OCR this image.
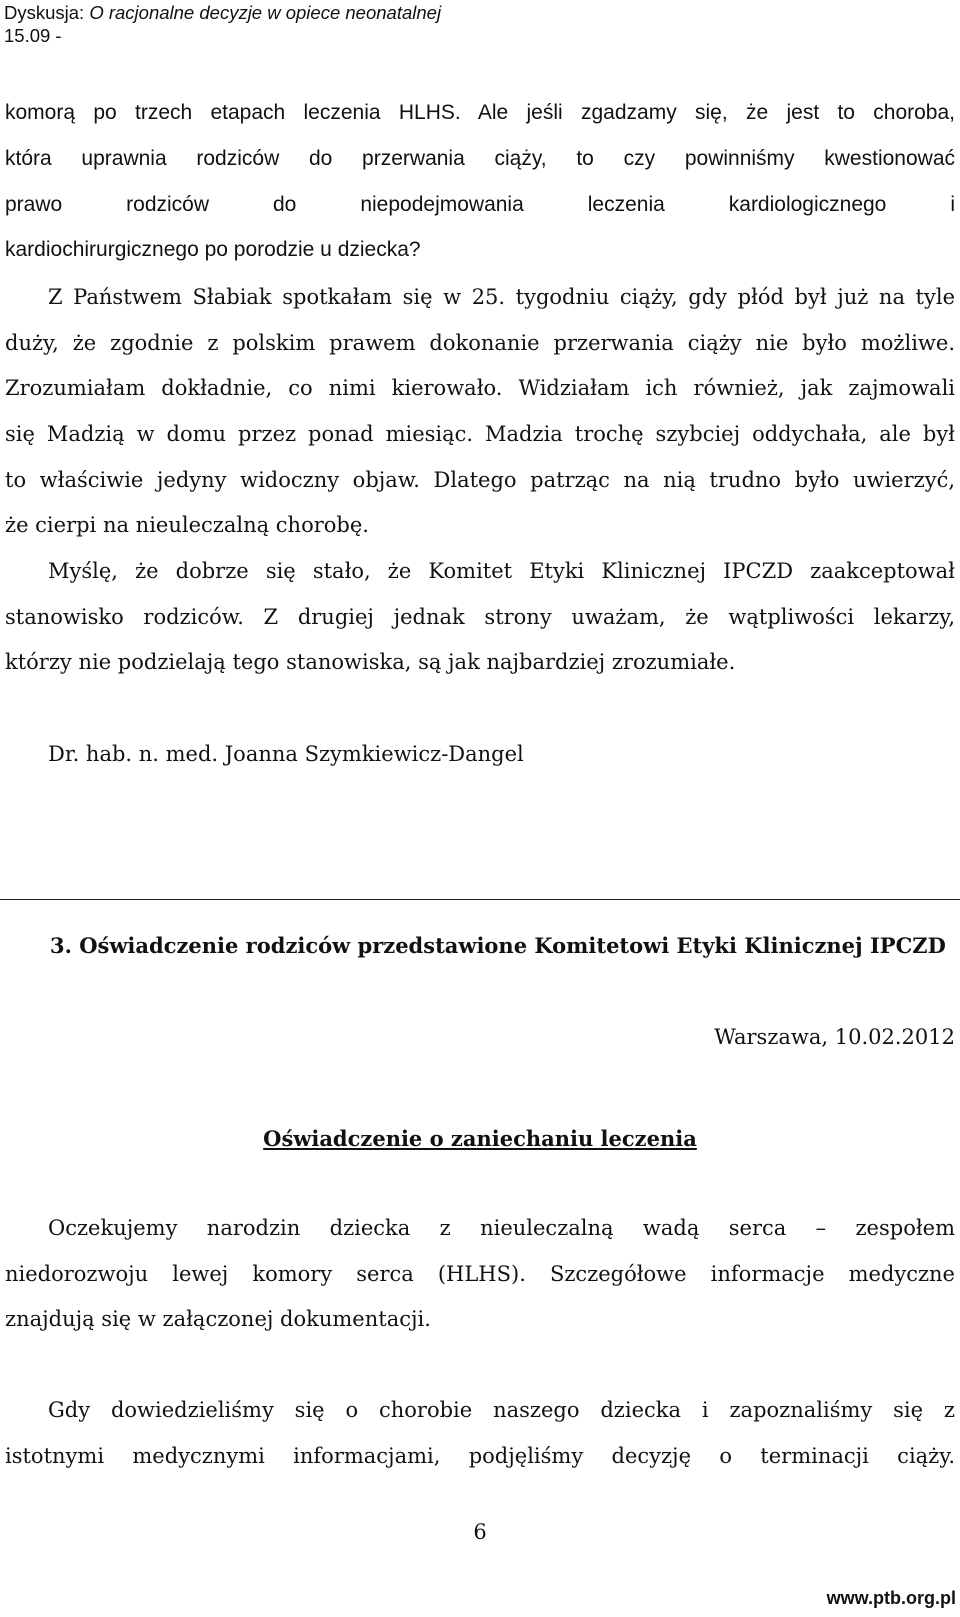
Dyskusja: O racjonalne decyzje w opiece neonatalnej
15.09 -
komorą po trzech etapach leczenia HLHS. Ale jeśli zgadzamy się, że jest to choroba,
która uprawnia rodziców do przerwania ciąży, to czy powinniśmy kwestionować
prawo rodziców do niepodejmowania leczenia kardiologicznego i
kardiochirurgicznego po porodzie u dziecka?
Z Państwem Słabiak spotkałam się w 25. tygodniu ciąży, gdy płód był już na tyle
duży, że zgodnie z polskim prawem dokonanie przerwania ciąży nie było możliwe.
Zrozumiałam dokładnie, co nimi kierowało. Widziałam ich również, jak zajmowali
się Madzią w domu przez ponad miesiąc. Madzia trochę szybciej oddychała, ale był
to właściwie jedyny widoczny objaw. Dlatego patrząc na nią trudno było uwierzyć,
że cierpi na nieuleczalną chorobę.
Myślę, że dobrze się stało, że Komitet Etyki Klinicznej IPCZD zaakceptował
stanowisko rodziców. Z drugiej jednak strony uważam, że wątpliwości lekarzy,
którzy nie podzielają tego stanowiska, są jak najbardziej zrozumiałe.
Dr. hab. n. med. Joanna Szymkiewicz-Dangel
3. Oświadczenie rodziców przedstawione Komitetowi Etyki Klinicznej IPCZD
Warszawa, 10.02.2012
Oświadczenie o zaniechaniu leczenia
Oczekujemy narodzin dziecka z nieuleczalną wadą serca – zespołem
niedorozwoju lewej komory serca (HLHS). Szczegółowe informacje medyczne
znajdują się w załączonej dokumentacji.
Gdy dowiedzieliśmy się o chorobie naszego dziecka i zapoznaliśmy się z
istotnymi medycznymi informacjami, podjęliśmy decyzję o terminacji ciąży.
6
www.ptb.org.pl
